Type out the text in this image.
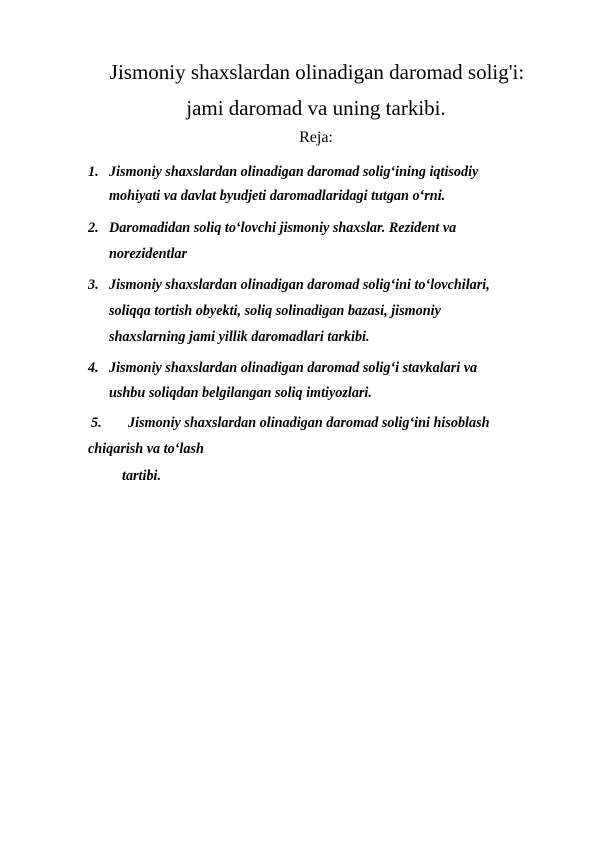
Jismoniy shaxslardan olinadigan daromad solig'i:
jami daromad va uning tarkibi.
Reja:
1. Jismoniy shaxslardan olinadigan daromad solig‘ining iqtisodiy
mohiyati va davlat byudjeti daromadlaridagi tutgan o‘rni.
2. Daromadidan soliq to‘lovchi jismoniy shaxslar. Rezident va
norezidentlar
3. Jismoniy shaxslardan olinadigan daromad solig‘ini to‘lovchilari,
soliqqa tortish obyekti, soliq solinadigan bazasi, jismoniy
shaxslarning jami yillik daromadlari tarkibi.
4. Jismoniy shaxslardan olinadigan daromad solig‘i stavkalari va
ushbu soliqdan belgilangan soliq imtiyozlari.
5. Jismoniy shaxslardan olinadigan daromad solig‘ini hisoblash
chiqarish va to‘lash
tartibi.
